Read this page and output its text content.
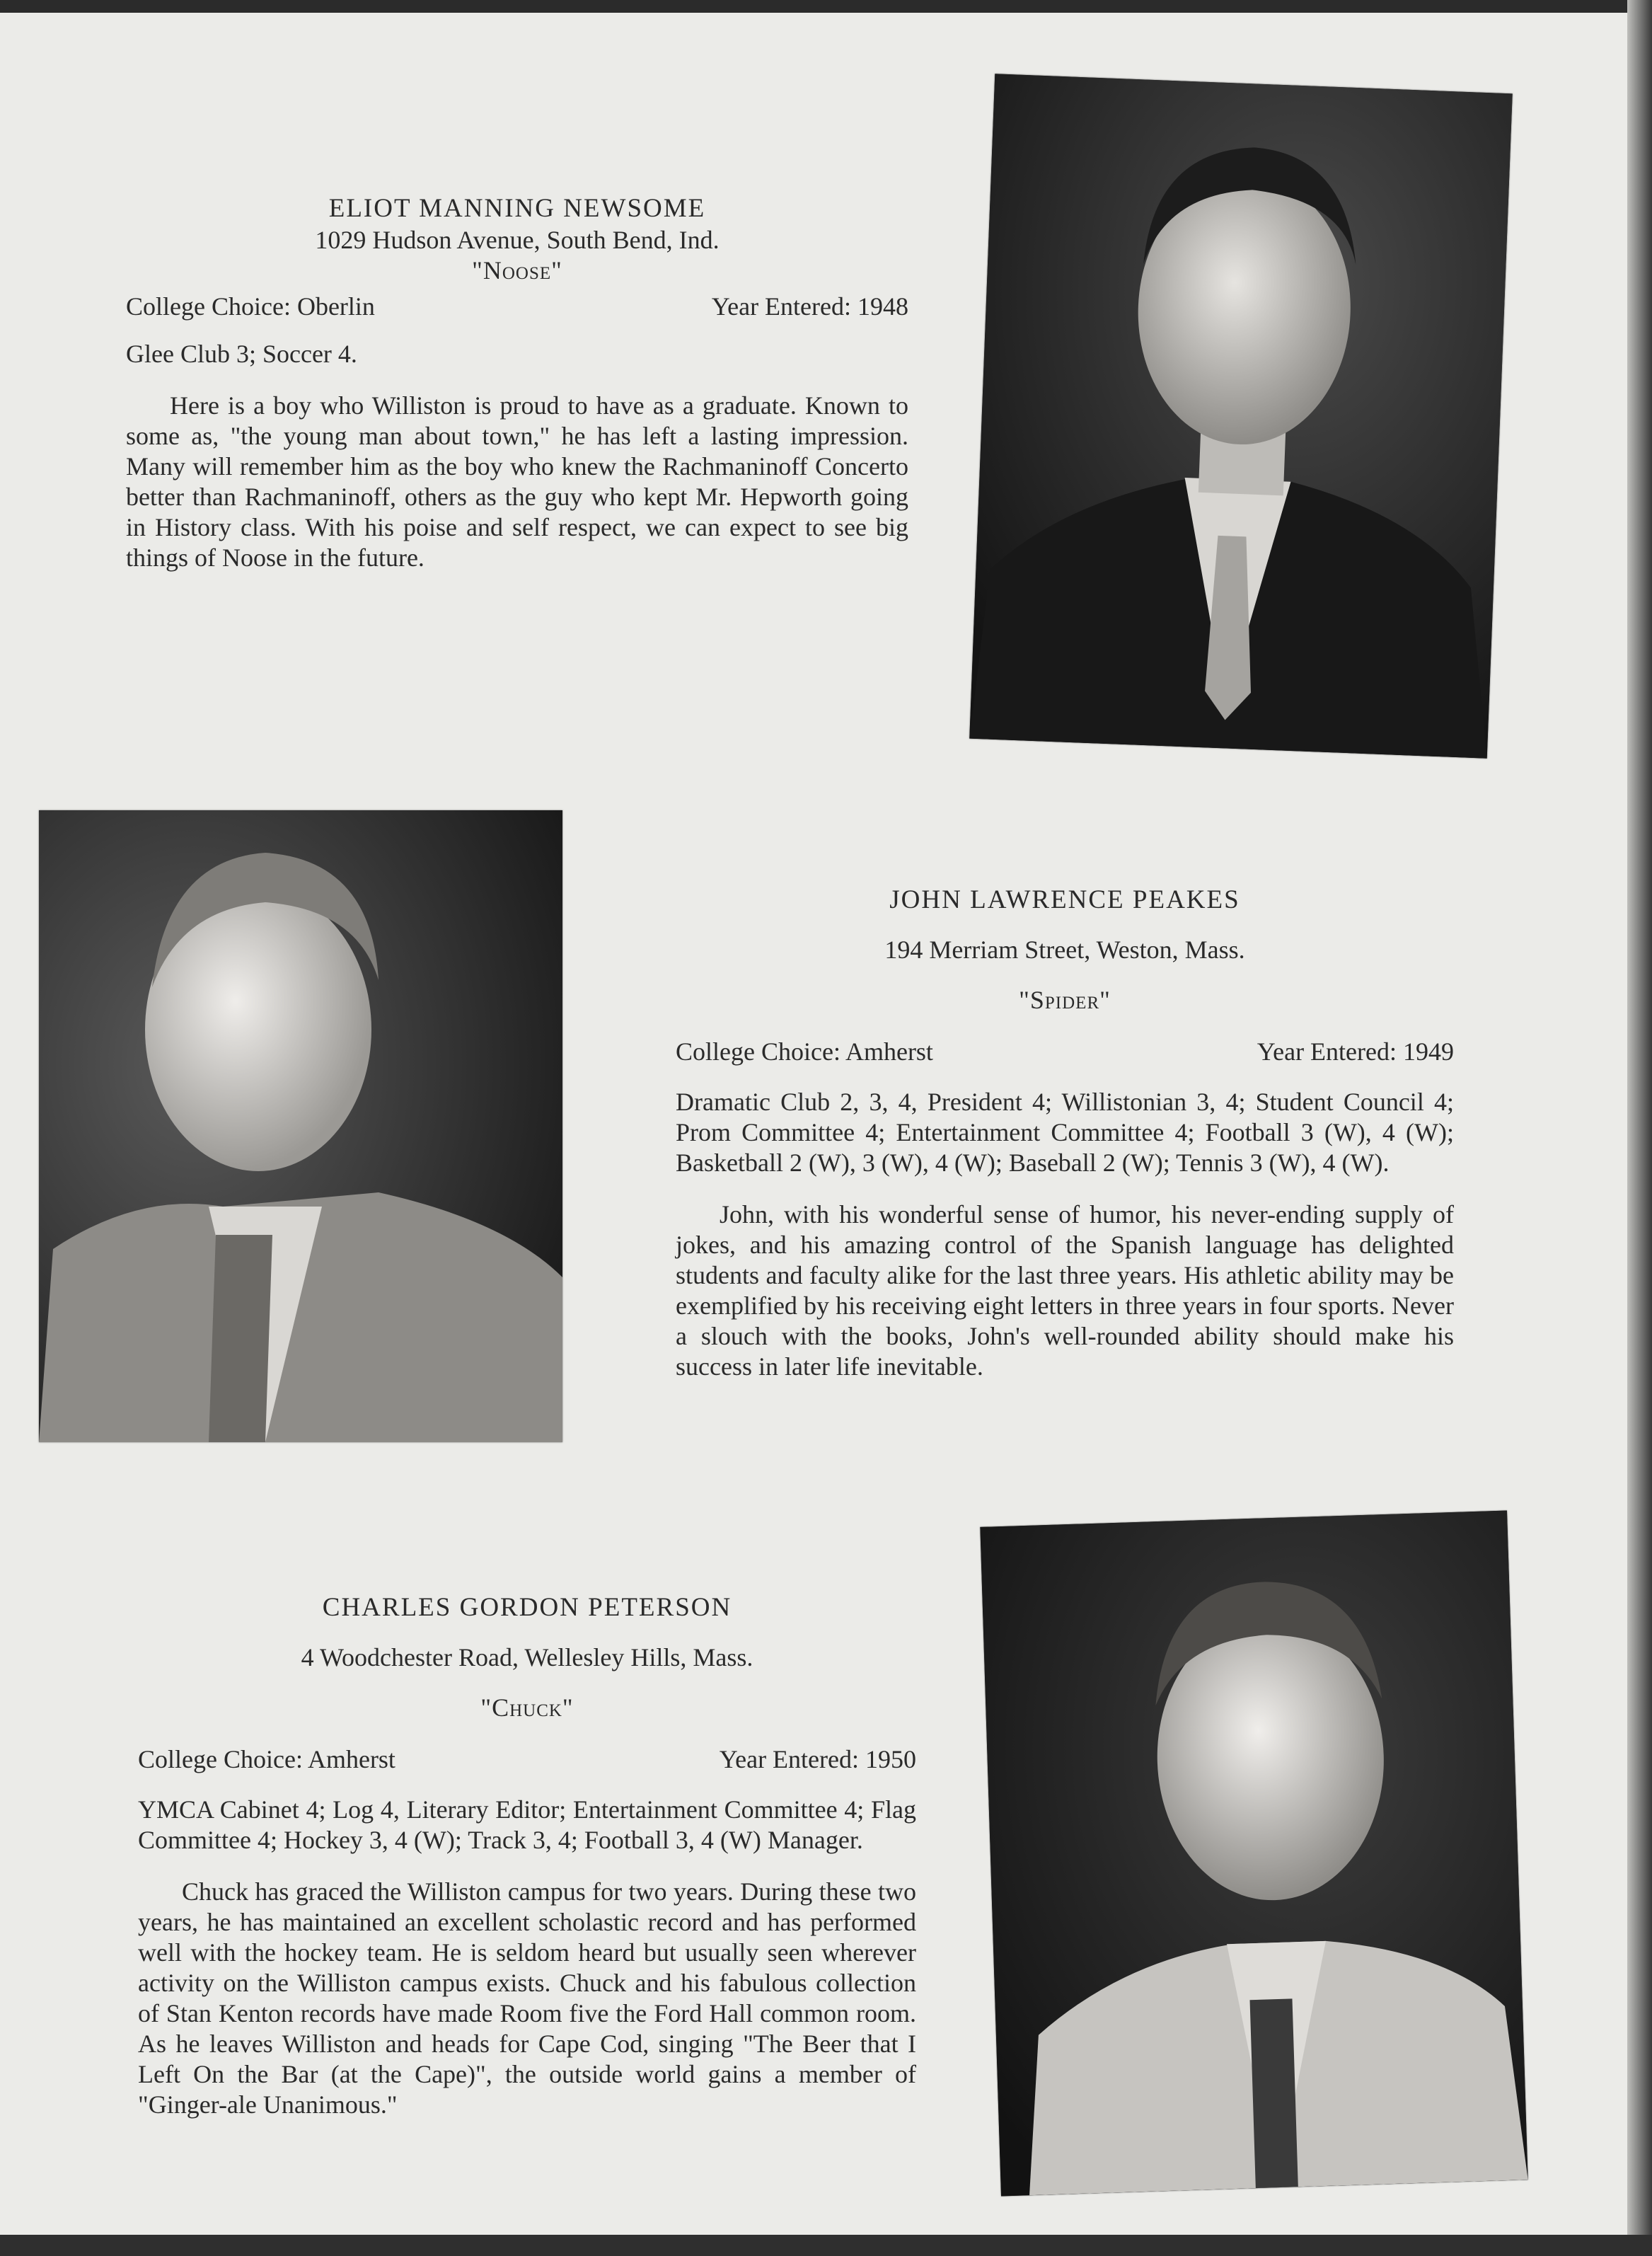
ELIOT MANNING NEWSOME

1029 Hudson Avenue, South Bend, Ind.

"Noose"

College Choice: Oberlin	Year Entered: 1948

Glee Club 3; Soccer 4.

Here is a boy who Williston is proud to have as a graduate. Known to some as, "the young man about town," he has left a lasting impression. Many will remember him as the boy who knew the Rachmaninoff Concerto better than Rachmaninoff, others as the guy who kept Mr. Hepworth going in History class. With his poise and self respect, we can expect to see big things of Noose in the future.

JOHN LAWRENCE PEAKES

194 Merriam Street, Weston, Mass.

"Spider"

College Choice: Amherst	Year Entered: 1949

Dramatic Club 2, 3, 4, President 4; Willistonian 3, 4; Student Council 4; Prom Committee 4; Entertainment Committee 4; Football 3 (W), 4 (W); Basketball 2 (W), 3 (W), 4 (W); Baseball 2 (W); Tennis 3 (W), 4 (W).

John, with his wonderful sense of humor, his never-ending supply of jokes, and his amazing control of the Spanish language has delighted students and faculty alike for the last three years. His athletic ability may be exemplified by his receiving eight letters in three years in four sports. Never a slouch with the books, John's well-rounded ability should make his success in later life inevitable.

CHARLES GORDON PETERSON

4 Woodchester Road, Wellesley Hills, Mass.

"Chuck"

College Choice: Amherst	Year Entered: 1950

YMCA Cabinet 4; Log 4, Literary Editor; Entertainment Committee 4; Flag Committee 4; Hockey 3, 4 (W); Track 3, 4; Football 3, 4 (W) Manager.

Chuck has graced the Williston campus for two years. During these two years, he has maintained an excellent scholastic record and has performed well with the hockey team. He is seldom heard but usually seen wherever activity on the Williston campus exists. Chuck and his fabulous collection of Stan Kenton records have made Room five the Ford Hall common room. As he leaves Williston and heads for Cape Cod, singing "The Beer that I Left On the Bar (at the Cape)", the outside world gains a member of "Ginger-ale Unanimous."
